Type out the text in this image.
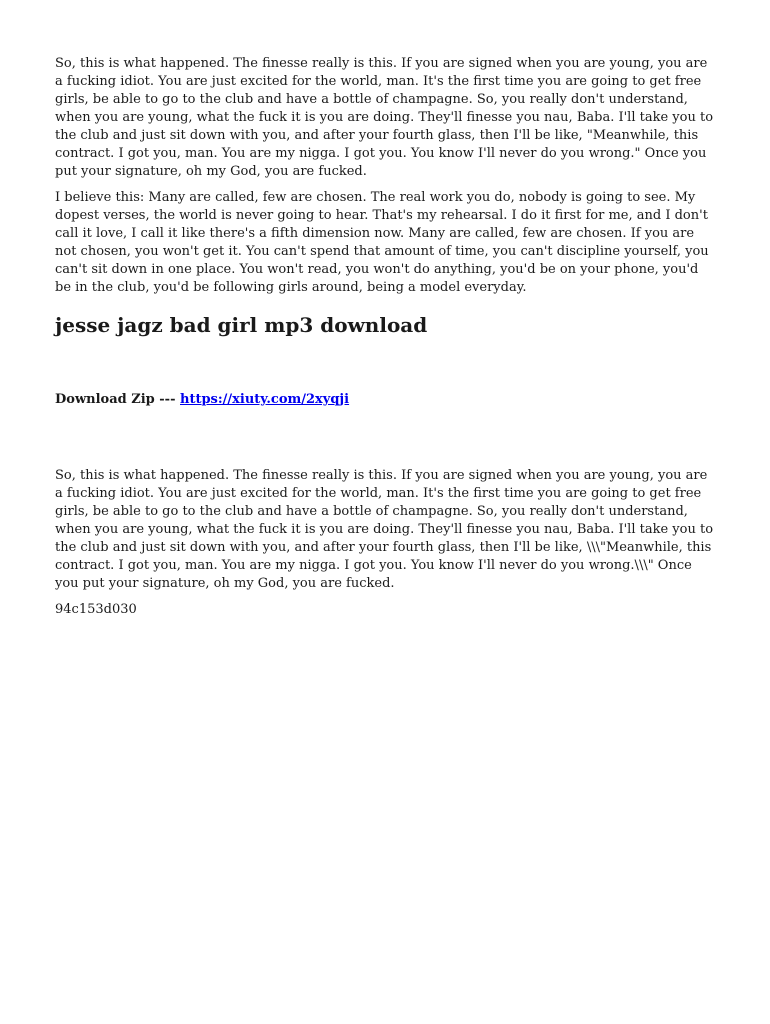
So, this is what happened. The finesse really is this. If you are signed when you are young, you are a fucking idiot. You are just excited for the world, man. It's the first time you are going to get free girls, be able to go to the club and have a bottle of champagne. So, you really don't understand, when you are young, what the fuck it is you are doing. They'll finesse you nau, Baba. I'll take you to the club and just sit down with you, and after your fourth glass, then I'll be like, "Meanwhile, this contract. I got you, man. You are my nigga. I got you. You know I'll never do you wrong." Once you put your signature, oh my God, you are fucked.

I believe this: Many are called, few are chosen. The real work you do, nobody is going to see. My dopest verses, the world is never going to hear. That's my rehearsal. I do it first for me, and I don't call it love, I call it like there's a fifth dimension now. Many are called, few are chosen. If you are not chosen, you won't get it. You can't spend that amount of time, you can't discipline yourself, you can't sit down in one place. You won't read, you won't do anything, you'd be on your phone, you'd be in the club, you'd be following girls around, being a model everyday.

jesse jagz bad girl mp3 download

Download Zip --- https://xiuty.com/2xyqji

So, this is what happened. The finesse really is this. If you are signed when you are young, you are a fucking idiot. You are just excited for the world, man. It's the first time you are going to get free girls, be able to go to the club and have a bottle of champagne. So, you really don't understand, when you are young, what the fuck it is you are doing. They'll finesse you nau, Baba. I'll take you to the club and just sit down with you, and after your fourth glass, then I'll be like, \\\"Meanwhile, this contract. I got you, man. You are my nigga. I got you. You know I'll never do you wrong.\\\" Once you put your signature, oh my God, you are fucked.

94c153d030
